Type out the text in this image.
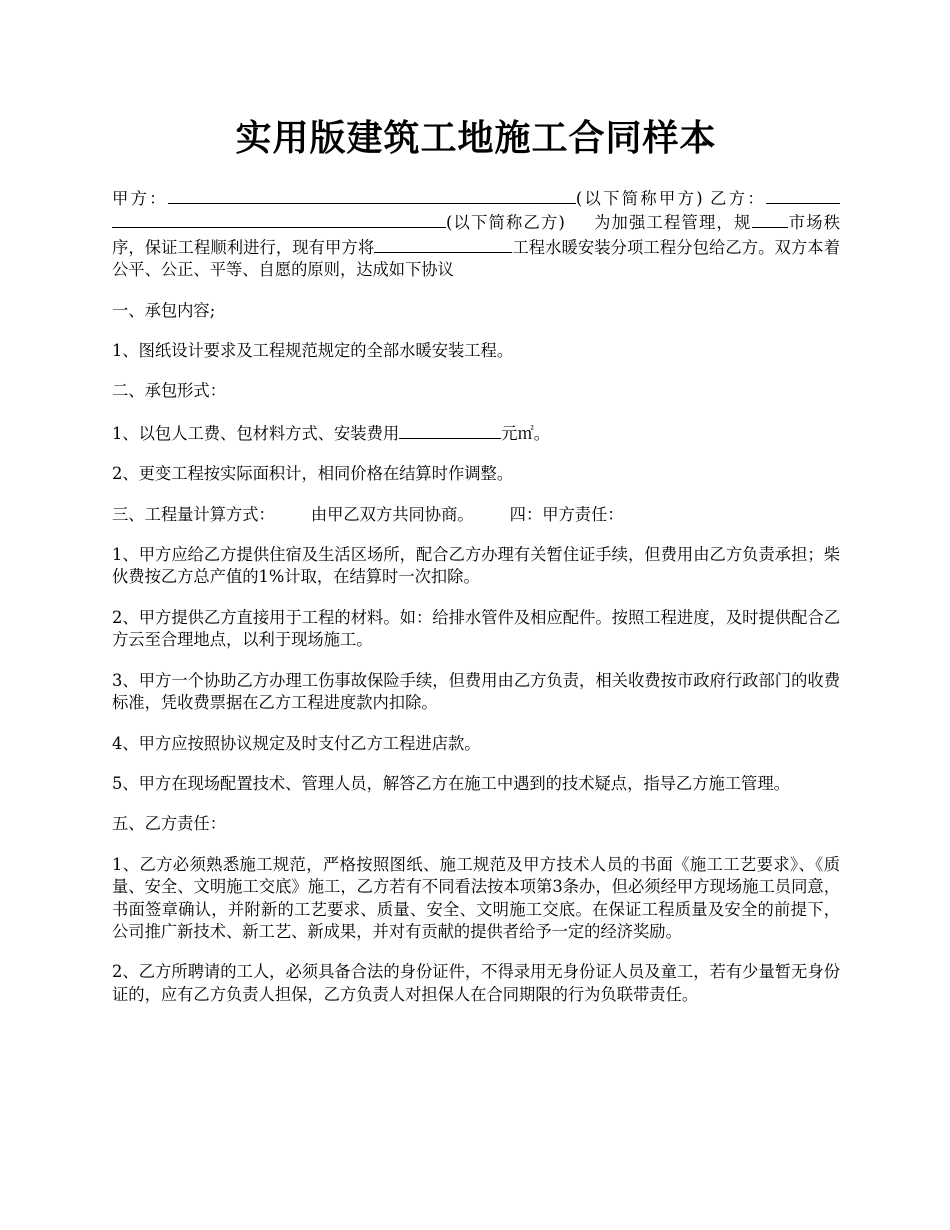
实用版建筑工地施工合同样本

甲方：	(以下简称甲方) 乙方：(以下简称乙方) 为加强工程管理，规 市场秩序，保证工程顺利进行，现有甲方将	工程水暖安装分项工程分包给乙方。双方本着公平、公正、平等、自愿的原则，达成如下协议

一、承包内容;

1、图纸设计要求及工程规范规定的全部水暖安装工程。

二、承包形式：

1、以包人工费、包材料方式、安装费用	元㎡。

2、更变工程按实际面积计，相同价格在结算时作调整。

三、工程量计算方式： 由甲乙双方共同协商。 四：甲方责任：

1、甲方应给乙方提供住宿及生活区场所，配合乙方办理有关暂住证手续，但费用由乙方负责承担；柴伙费按乙方总产值的1%计取，在结算时一次扣除。

2、甲方提供乙方直接用于工程的材料。如：给排水管件及相应配件。按照工程进度，及时提供配合乙方云至合理地点，以利于现场施工。

3、甲方一个协助乙方办理工伤事故保险手续，但费用由乙方负责，相关收费按市政府行政部门的收费标准，凭收费票据在乙方工程进度款内扣除。

4、甲方应按照协议规定及时支付乙方工程进店款。

5、甲方在现场配置技术、管理人员，解答乙方在施工中遇到的技术疑点，指导乙方施工管理。

五、乙方责任：

1、乙方必须熟悉施工规范，严格按照图纸、施工规范及甲方技术人员的书面《施工工艺要求》、《质量、安全、文明施工交底》施工，乙方若有不同看法按本项第3条办，但必须经甲方现场施工员同意，书面签章确认，并附新的工艺要求、质量、安全、文明施工交底。在保证工程质量及安全的前提下，公司推广新技术、新工艺、新成果，并对有贡献的提供者给予一定的经济奖励。

2、乙方所聘请的工人，必须具备合法的身份证件，不得录用无身份证人员及童工，若有少量暂无身份证的，应有乙方负责人担保，乙方负责人对担保人在合同期限的行为负联带责任。
